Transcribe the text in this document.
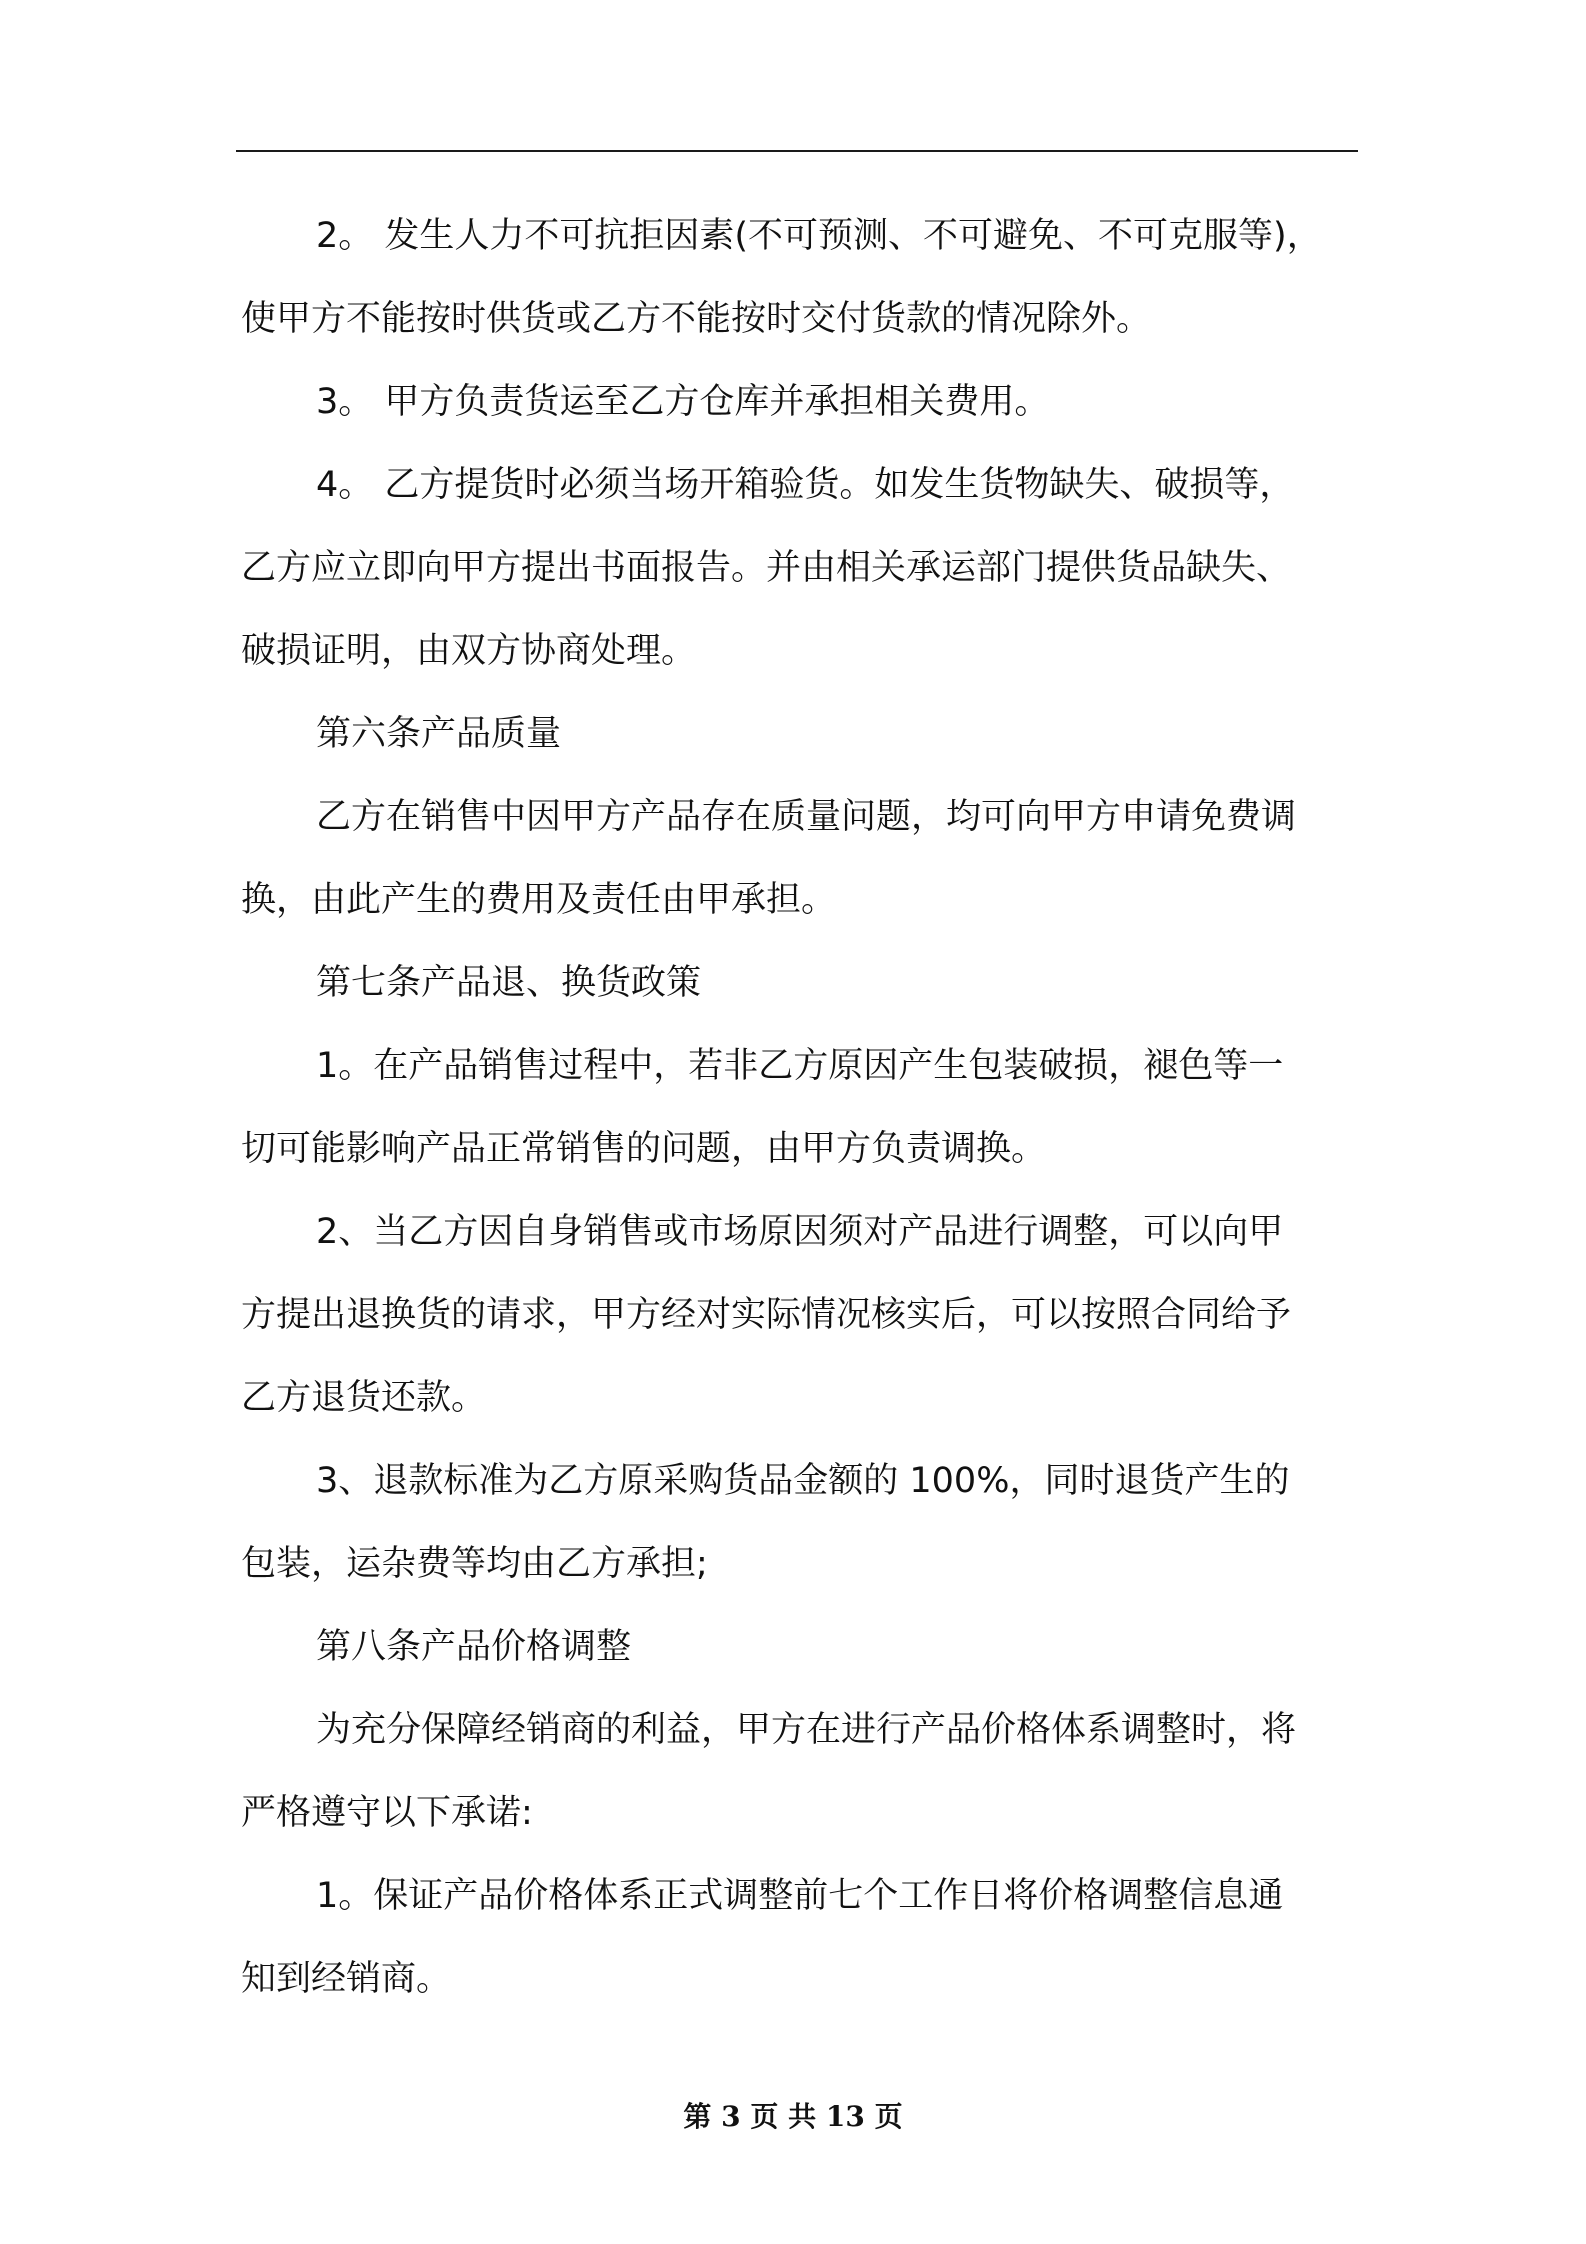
2。 发生人力不可抗拒因素(不可预测、不可避免、不可克服等)，
使甲方不能按时供货或乙方不能按时交付货款的情况除外。

3。 甲方负责货运至乙方仓库并承担相关费用。

4。 乙方提货时必须当场开箱验货。如发生货物缺失、破损等，
乙方应立即向甲方提出书面报告。并由相关承运部门提供货品缺失、
破损证明，由双方协商处理。

第六条产品质量

乙方在销售中因甲方产品存在质量问题，均可向甲方申请免费调
换，由此产生的费用及责任由甲承担。

第七条产品退、换货政策

1。在产品销售过程中，若非乙方原因产生包装破损，褪色等一
切可能影响产品正常销售的问题，由甲方负责调换。

2、当乙方因自身销售或市场原因须对产品进行调整，可以向甲
方提出退换货的请求，甲方经对实际情况核实后，可以按照合同给予
乙方退货还款。

3、退款标准为乙方原采购货品金额的 100%，同时退货产生的
包装，运杂费等均由乙方承担;

第八条产品价格调整

为充分保障经销商的利益，甲方在进行产品价格体系调整时，将
严格遵守以下承诺:

1。保证产品价格体系正式调整前七个工作日将价格调整信息通
知到经销商。

第 3 页 共 13 页
